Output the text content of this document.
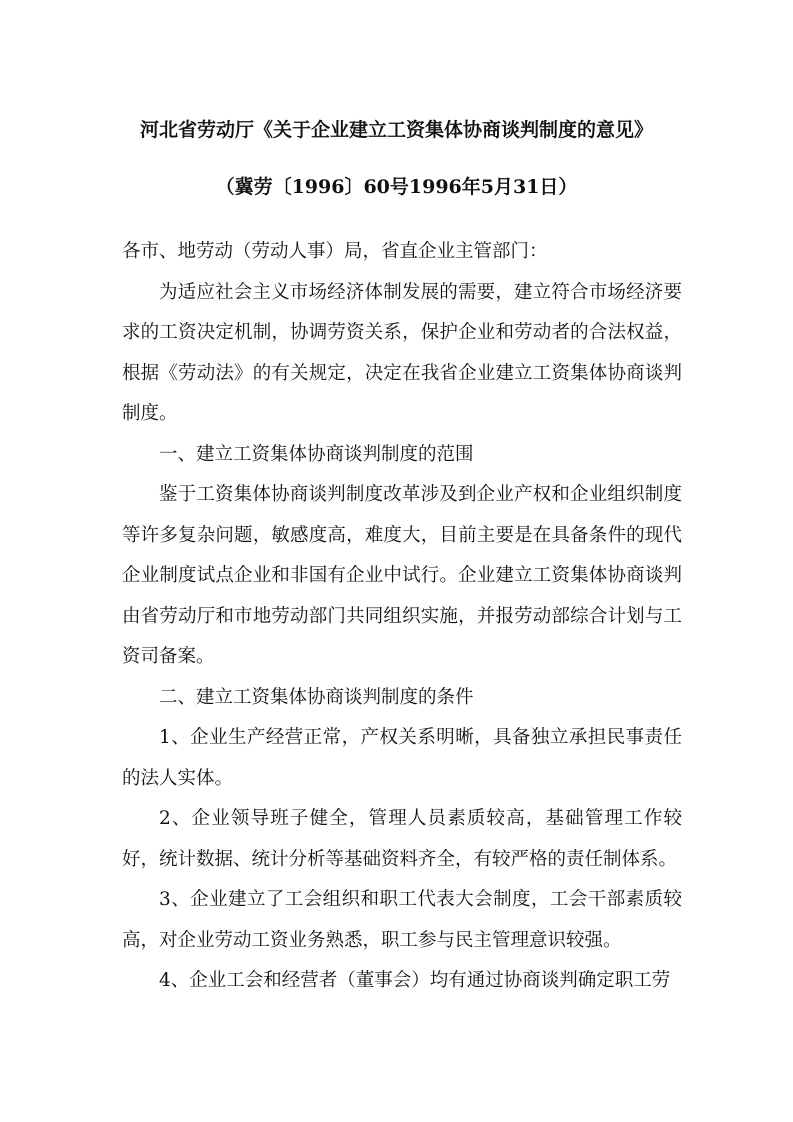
河北省劳动厅《关于企业建立工资集体协商谈判制度的意见》
（冀劳〔1996〕60号1996年5月31日）

各市、地劳动（劳动人事）局，省直企业主管部门：

为适应社会主义市场经济体制发展的需要，建立符合市场经济要求的工资决定机制，协调劳资关系，保护企业和劳动者的合法权益，根据《劳动法》的有关规定，决定在我省企业建立工资集体协商谈判制度。

一、建立工资集体协商谈判制度的范围

鉴于工资集体协商谈判制度改革涉及到企业产权和企业组织制度等许多复杂问题，敏感度高，难度大，目前主要是在具备条件的现代企业制度试点企业和非国有企业中试行。企业建立工资集体协商谈判由省劳动厅和市地劳动部门共同组织实施，并报劳动部综合计划与工资司备案。

二、建立工资集体协商谈判制度的条件

1、企业生产经营正常，产权关系明晰，具备独立承担民事责任的法人实体。

2、企业领导班子健全，管理人员素质较高，基础管理工作较好，统计数据、统计分析等基础资料齐全，有较严格的责任制体系。

3、企业建立了工会组织和职工代表大会制度，工会干部素质较高，对企业劳动工资业务熟悉，职工参与民主管理意识较强。

4、企业工会和经营者（董事会）均有通过协商谈判确定职工劳
